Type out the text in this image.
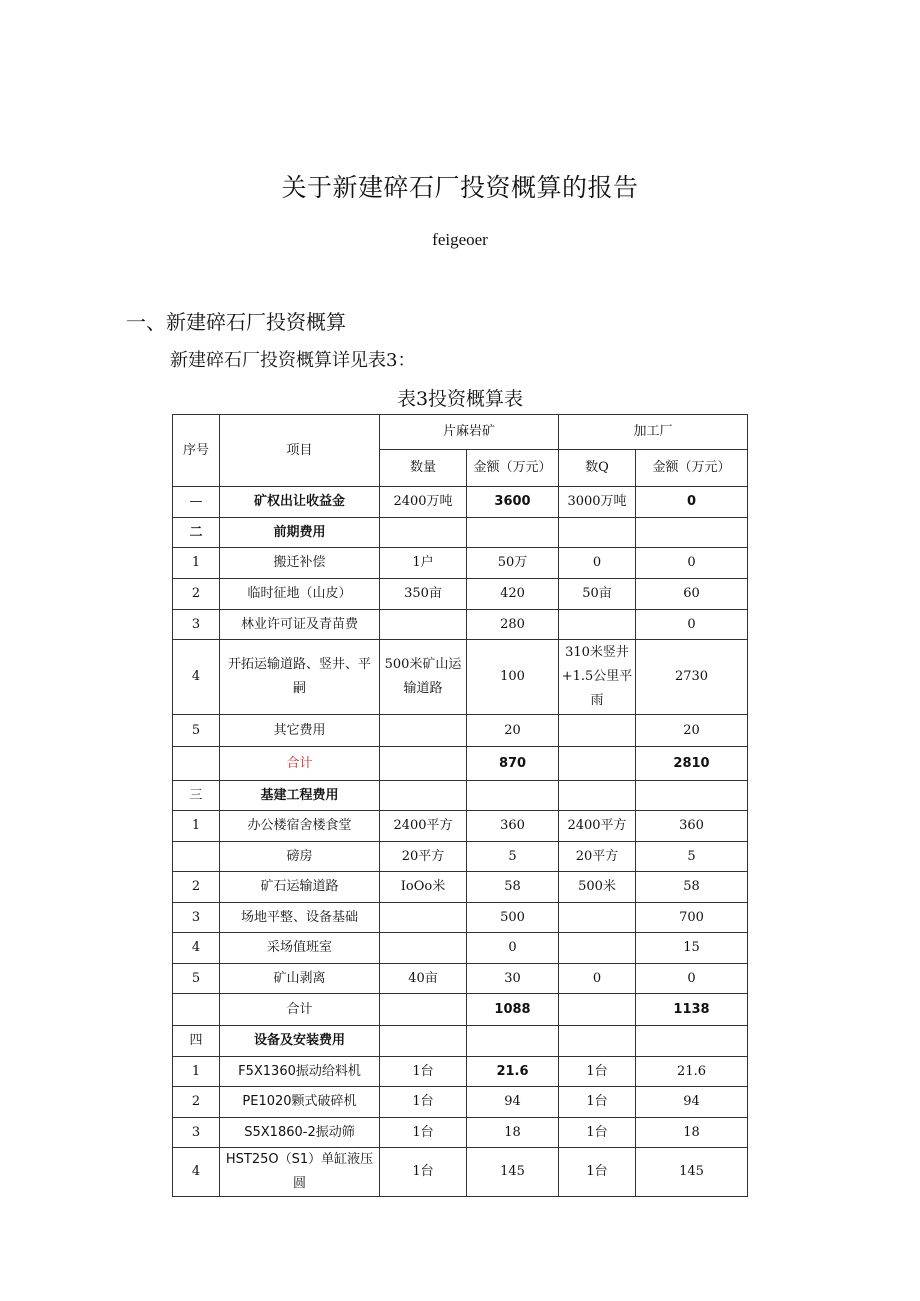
关于新建碎石厂投资概算的报告
feigeoer
一、新建碎石厂投资概算
新建碎石厂投资概算详见表3：
表3投资概算表
序号	项目	片麻岩矿		加工厂	
		数量	金额（万元）	数Q	金额（万元）
—	矿权出让收益金	2400万吨	3600	3000万吨	0
二	前期费用				
1	搬迁补偿	1户	50万	0	0
2	临时征地（山皮）	350亩	420	50亩	60
3	林业许可证及青苗费		280		0
4	开拓运输道路、竖井、平嗣	500米矿山运输道路	100	310米竖井+1.5公里平雨	2730
5	其它费用		20		20
	合计		870		2810
三	基建工程费用				
1	办公楼宿舍楼食堂	2400平方	360	2400平方	360
	磅房	20平方	5	20平方	5
2	矿石运输道路	IoOo米	58	500米	58
3	场地平整、设备基础		500		700
4	采场值班室		0		15
5	矿山剥离	40亩	30	0	0
	合计		1088		1138
四	设备及安装费用				
1	F5X1360振动给料机	1台	21.6	1台	21.6
2	PE1020颗式破碎机	1台	94	1台	94
3	S5X1860-2振动筛	1台	18	1台	18
4	HST25O（S1）单缸液压圆	1台	145	1台	145
